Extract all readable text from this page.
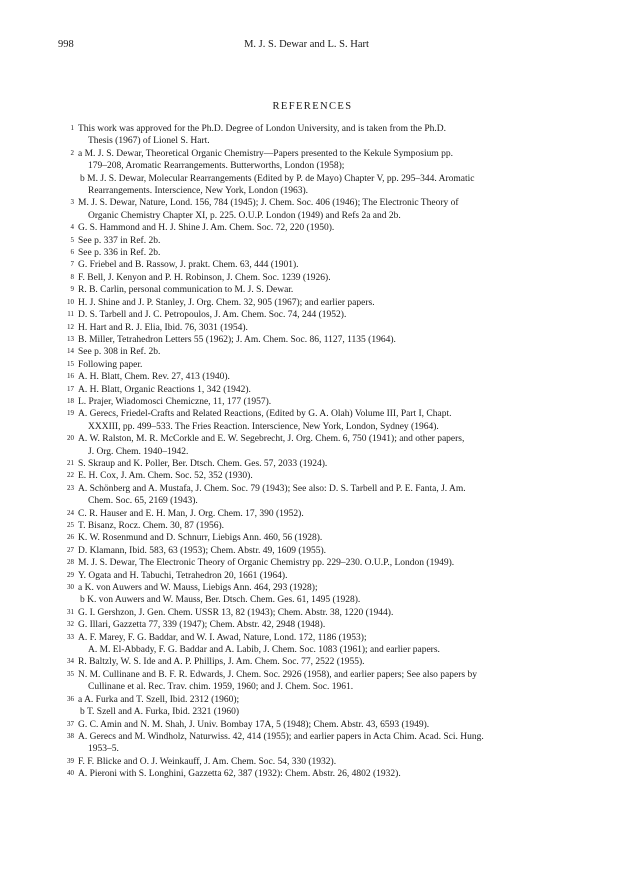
998	M. J. S. Dewar and L. S. Hart
REFERENCES
1 This work was approved for the Ph.D. Degree of London University, and is taken from the Ph.D.
Thesis (1967) of Lionel S. Hart.
2 a M. J. S. Dewar, Theoretical Organic Chemistry—Papers presented to the Kekule Symposium pp.
179–208, Aromatic Rearrangements. Butterworths, London (1958);
b M. J. S. Dewar, Molecular Rearrangements (Edited by P. de Mayo) Chapter V, pp. 295–344. Aromatic
Rearrangements. Interscience, New York, London (1963).
3 M. J. S. Dewar, Nature, Lond. 156, 784 (1945); J. Chem. Soc. 406 (1946); The Electronic Theory of
Organic Chemistry Chapter XI, p. 225. O.U.P. London (1949) and Refs 2a and 2b.
4 G. S. Hammond and H. J. Shine J. Am. Chem. Soc. 72, 220 (1950).
5 See p. 337 in Ref. 2b.
6 See p. 336 in Ref. 2b.
7 G. Friebel and B. Rassow, J. prakt. Chem. 63, 444 (1901).
8 F. Bell, J. Kenyon and P. H. Robinson, J. Chem. Soc. 1239 (1926).
9 R. B. Carlin, personal communication to M. J. S. Dewar.
10 H. J. Shine and J. P. Stanley, J. Org. Chem. 32, 905 (1967); and earlier papers.
11 D. S. Tarbell and J. C. Petropoulos, J. Am. Chem. Soc. 74, 244 (1952).
12 H. Hart and R. J. Elia, Ibid. 76, 3031 (1954).
13 B. Miller, Tetrahedron Letters 55 (1962); J. Am. Chem. Soc. 86, 1127, 1135 (1964).
14 See p. 308 in Ref. 2b.
15 Following paper.
16 A. H. Blatt, Chem. Rev. 27, 413 (1940).
17 A. H. Blatt, Organic Reactions 1, 342 (1942).
18 L. Prajer, Wiadomosci Chemiczne, 11, 177 (1957).
19 A. Gerecs, Friedel-Crafts and Related Reactions, (Edited by G. A. Olah) Volume III, Part I, Chapt.
XXXIII, pp. 499–533. The Fries Reaction. Interscience, New York, London, Sydney (1964).
20 A. W. Ralston, M. R. McCorkle and E. W. Segebrecht, J. Org. Chem. 6, 750 (1941); and other papers,
J. Org. Chem. 1940–1942.
21 S. Skraup and K. Poller, Ber. Dtsch. Chem. Ges. 57, 2033 (1924).
22 E. H. Cox, J. Am. Chem. Soc. 52, 352 (1930).
23 A. Schönberg and A. Mustafa, J. Chem. Soc. 79 (1943); See also: D. S. Tarbell and P. E. Fanta, J. Am.
Chem. Soc. 65, 2169 (1943).
24 C. R. Hauser and E. H. Man, J. Org. Chem. 17, 390 (1952).
25 T. Bisanz, Rocz. Chem. 30, 87 (1956).
26 K. W. Rosenmund and D. Schnurr, Liebigs Ann. 460, 56 (1928).
27 D. Klamann, Ibid. 583, 63 (1953); Chem. Abstr. 49, 1609 (1955).
28 M. J. S. Dewar, The Electronic Theory of Organic Chemistry pp. 229–230. O.U.P., London (1949).
29 Y. Ogata and H. Tabuchi, Tetrahedron 20, 1661 (1964).
30 a K. von Auwers and W. Mauss, Liebigs Ann. 464, 293 (1928);
b K. von Auwers and W. Mauss, Ber. Dtsch. Chem. Ges. 61, 1495 (1928).
31 G. I. Gershzon, J. Gen. Chem. USSR 13, 82 (1943); Chem. Abstr. 38, 1220 (1944).
32 G. Illari, Gazzetta 77, 339 (1947); Chem. Abstr. 42, 2948 (1948).
33 A. F. Marey, F. G. Baddar, and W. I. Awad, Nature, Lond. 172, 1186 (1953);
A. M. El-Abbady, F. G. Baddar and A. Labib, J. Chem. Soc. 1083 (1961); and earlier papers.
34 R. Baltzly, W. S. Ide and A. P. Phillips, J. Am. Chem. Soc. 77, 2522 (1955).
35 N. M. Cullinane and B. F. R. Edwards, J. Chem. Soc. 2926 (1958), and earlier papers; See also papers by
Cullinane et al. Rec. Trav. chim. 1959, 1960; and J. Chem. Soc. 1961.
36 a A. Furka and T. Szell, Ibid. 2312 (1960);
b T. Szell and A. Furka, Ibid. 2321 (1960)
37 G. C. Amin and N. M. Shah, J. Univ. Bombay 17A, 5 (1948); Chem. Abstr. 43, 6593 (1949).
38 A. Gerecs and M. Windholz, Naturwiss. 42, 414 (1955); and earlier papers in Acta Chim. Acad. Sci. Hung.
1953–5.
39 F. F. Blicke and O. J. Weinkauff, J. Am. Chem. Soc. 54, 330 (1932).
40 A. Pieroni with S. Longhini, Gazzetta 62, 387 (1932): Chem. Abstr. 26, 4802 (1932).
